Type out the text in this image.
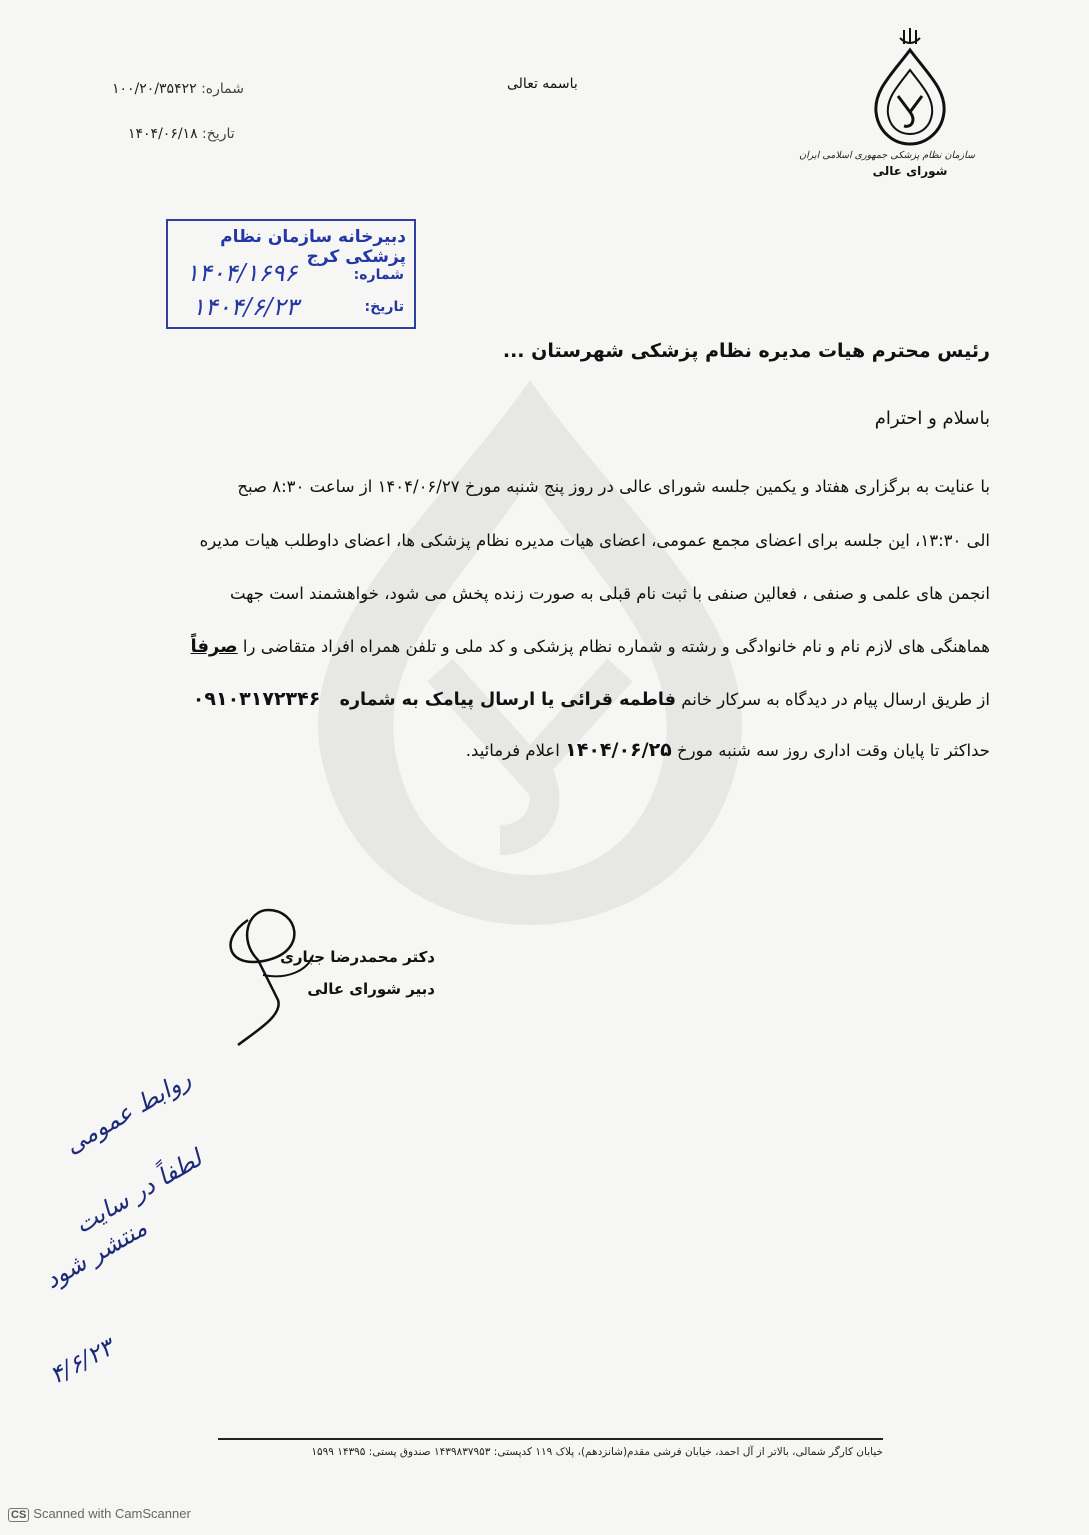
باسمه تعالی
شماره: ۱۰۰/۲۰/۳۵۴۲۲
تاریخ: ۱۴۰۴/۰۶/۱۸
سازمان نظام پزشکی جمهوری اسلامی ایران
شورای عالی
دبیرخانه سازمان نظام پزشکی کرج
شماره:
۱۴۰۴/۱۶۹۶
تاریخ:
۱۴۰۴/۶/۲۳
رئیس محترم هیات مدیره نظام پزشکی شهرستان ...
باسلام و احترام
با عنایت به برگزاری هفتاد و یکمین جلسه شورای عالی در روز پنج شنبه مورخ ۱۴۰۴/۰۶/۲۷ از ساعت ۸:۳۰ صبح
الی ۱۳:۳۰، این جلسه برای اعضای مجمع عمومی، اعضای هیات مدیره نظام پزشکی ها، اعضای داوطلب هیات مدیره
انجمن های علمی و صنفی ، فعالین صنفی با ثبت نام قبلی به صورت زنده پخش می شود، خواهشمند است جهت
هماهنگی های لازم نام و نام خانوادگی و رشته و شماره نظام پزشکی و کد ملی و تلفن همراه افراد متقاضی را صرفاً
از طریق ارسال پیام در دیدگاه به سرکار خانم فاطمه قرائی یا ارسال پیامک به شماره ۰۹۱۰۳۱۷۲۳۴۶
حداکثر تا پایان وقت اداری روز سه شنبه مورخ ۱۴۰۴/۰۶/۲۵ اعلام فرمائید.
دکتر محمدرضا جباری
دبیر شورای عالی
روابط عمومی
لطفاً در سایت
منتشر شود
۴/۶/۲۳
خیابان کارگر شمالی، بالاتر از آل احمد، خیابان فرشی مقدم(شانزدهم)، پلاک ۱۱۹ کدپستی: ۱۴۳۹۸۳۷۹۵۳ صندوق پستی: ۱۴۳۹۵ ۱۵۹۹
CS Scanned with CamScanner
